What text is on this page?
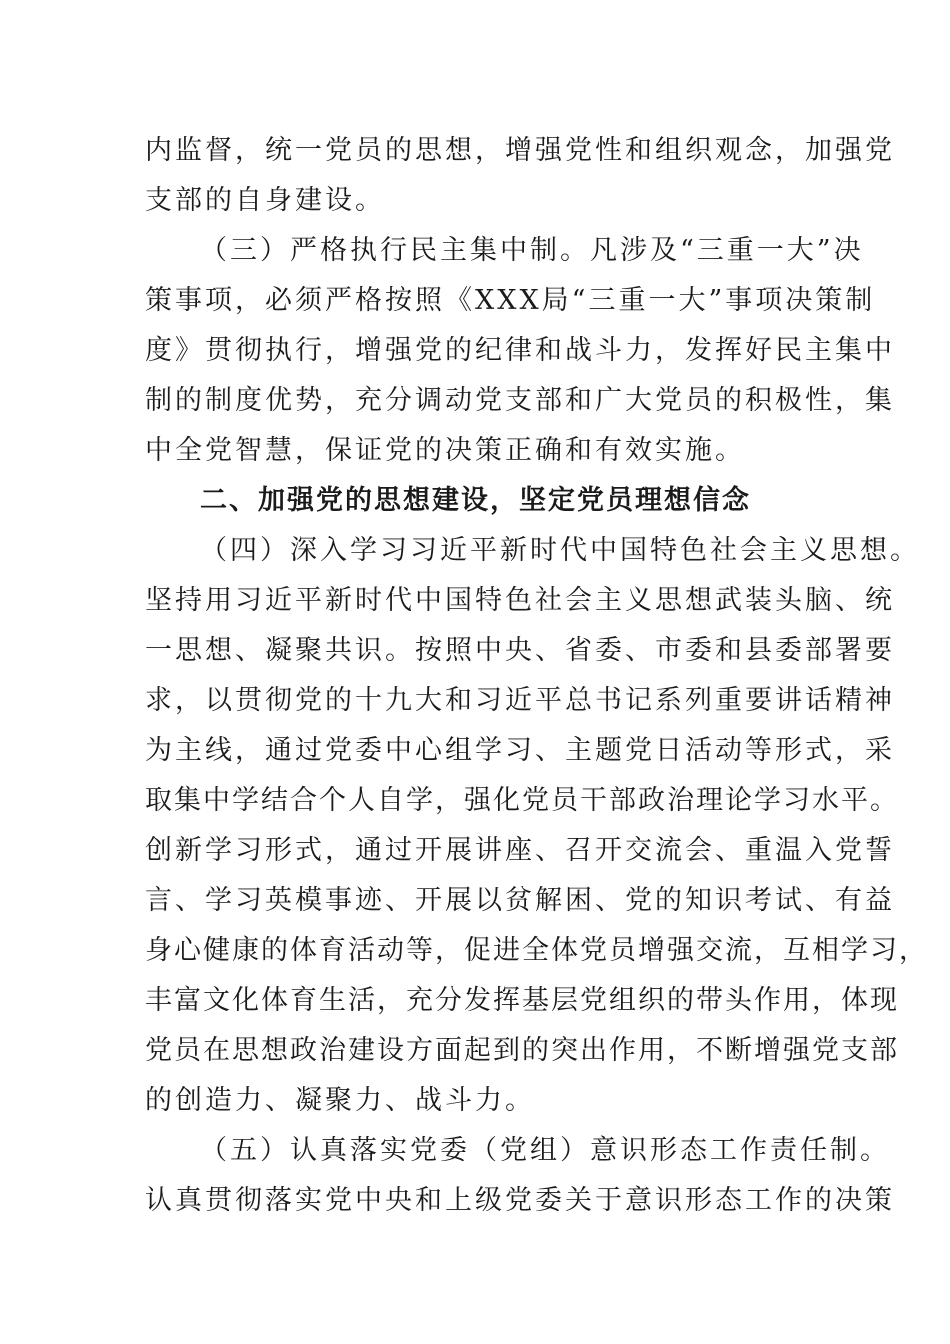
内监督，统一党员的思想，增强党性和组织观念，加强党
支部的自身建设。
（三）严格执行民主集中制。凡涉及“三重一大”决
策事项，必须严格按照《XXX局“三重一大”事项决策制
度》贯彻执行，增强党的纪律和战斗力，发挥好民主集中
制的制度优势，充分调动党支部和广大党员的积极性，集
中全党智慧，保证党的决策正确和有效实施。
二、加强党的思想建设，坚定党员理想信念
（四）深入学习习近平新时代中国特色社会主义思想。
坚持用习近平新时代中国特色社会主义思想武装头脑、统
一思想、凝聚共识。按照中央、省委、市委和县委部署要
求，以贯彻党的十九大和习近平总书记系列重要讲话精神
为主线，通过党委中心组学习、主题党日活动等形式，采
取集中学结合个人自学，强化党员干部政治理论学习水平。
创新学习形式，通过开展讲座、召开交流会、重温入党誓
言、学习英模事迹、开展以贫解困、党的知识考试、有益
身心健康的体育活动等，促进全体党员增强交流，互相学习，
丰富文化体育生活，充分发挥基层党组织的带头作用，体现
党员在思想政治建设方面起到的突出作用，不断增强党支部
的创造力、凝聚力、战斗力。
（五）认真落实党委（党组）意识形态工作责任制。
认真贯彻落实党中央和上级党委关于意识形态工作的决策
